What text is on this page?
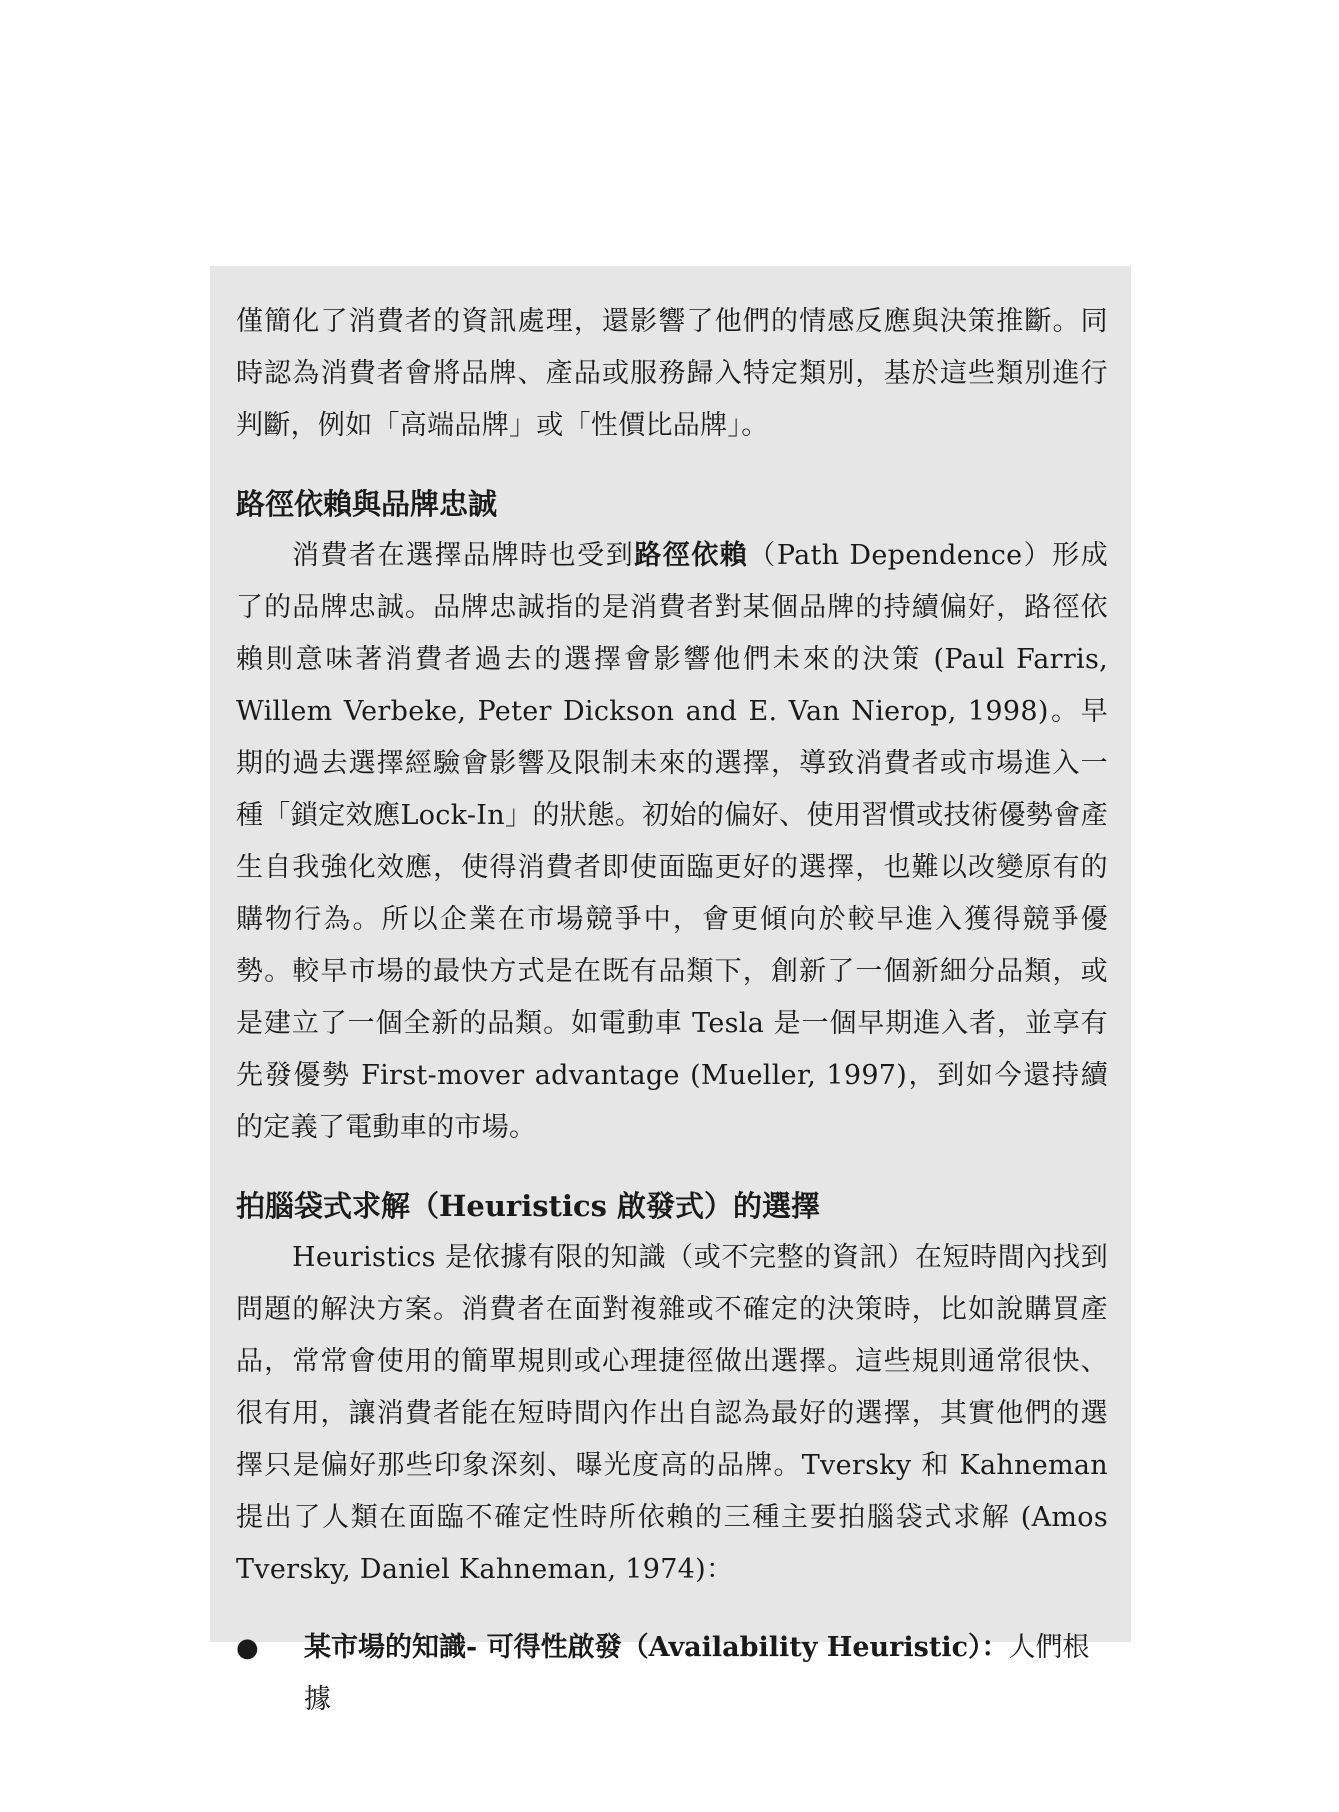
僅簡化了消費者的資訊處理，還影響了他們的情感反應與決策推斷。同時認為消費者會將品牌、產品或服務歸入特定類別，基於這些類別進行判斷，例如「高端品牌」或「性價比品牌」。

路徑依賴與品牌忠誠

消費者在選擇品牌時也受到路徑依賴（Path Dependence）形成了的品牌忠誠。品牌忠誠指的是消費者對某個品牌的持續偏好，路徑依賴則意味著消費者過去的選擇會影響他們未來的決策 (Paul Farris, Willem Verbeke, Peter Dickson and E. Van Nierop, 1998)。早期的過去選擇經驗會影響及限制未來的選擇，導致消費者或市場進入一種「鎖定效應Lock-In」的狀態。初始的偏好、使用習慣或技術優勢會產生自我強化效應，使得消費者即使面臨更好的選擇，也難以改變原有的購物行為。所以企業在市場競爭中，會更傾向於較早進入獲得競爭優勢。較早市場的最快方式是在既有品類下，創新了一個新細分品類，或是建立了一個全新的品類。如電動車 Tesla 是一個早期進入者，並享有先發優勢 First-mover advantage (Mueller, 1997)，到如今還持續的定義了電動車的市場。

拍腦袋式求解（Heuristics 啟發式）的選擇

Heuristics 是依據有限的知識（或不完整的資訊）在短時間內找到問題的解決方案。消費者在面對複雜或不確定的決策時，比如說購買產品，常常會使用的簡單規則或心理捷徑做出選擇。這些規則通常很快、很有用，讓消費者能在短時間內作出自認為最好的選擇，其實他們的選擇只是偏好那些印象深刻、曝光度高的品牌。Tversky 和 Kahneman 提出了人類在面臨不確定性時所依賴的三種主要拍腦袋式求解 (Amos Tversky, Daniel Kahneman, 1974)：

●	某市場的知識- 可得性啟發（Availability Heuristic）：人們根據
